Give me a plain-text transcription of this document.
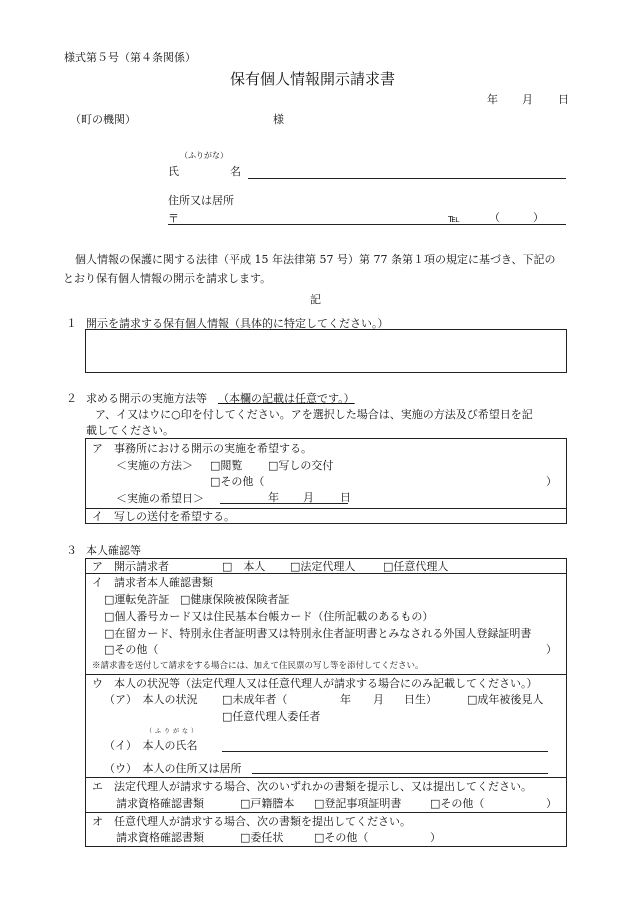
様式第５号（第４条関係）
保有個人情報開示請求書
年 月 日
（町の機関）	様
（ふりがな）
氏	名
住所又は居所
〒	℡	（　　　）
個人情報の保護に関する法律（平成 15 年法律第 57 号）第 77 条第１項の規定に基づき、下記の
とおり保有個人情報の開示を請求します。
記
１ 開示を請求する保有個人情報（具体的に特定してください。）
２ 求める開示の実施方法等 （本欄の記載は任意です。）
ア、イ又はウに○印を付してください。アを選択した場合は、実施の方法及び希望日を記
載してください。
ア　事務所における開示の実施を希望する。
＜実施の方法＞ □閲覧 □写しの交付
□その他（	）
＜実施の希望日＞	年 月 日
イ　写しの送付を希望する。
３ 本人確認等
ア　開示請求者	□　本人 □法定代理人	□任意代理人
イ　請求者本人確認書類
□運転免許証 □健康保険被保険者証
□個人番号カード又は住民基本台帳カード（住所記載のあるもの）
□在留カード、特別永住者証明書又は特別永住者証明書とみなされる外国人登録証明書
□その他（	）
※請求書を送付して請求をする場合には、加えて住民票の写し等を添付してください。
ウ　本人の状況等（法定代理人又は任意代理人が請求する場合にのみ記載してください。）
（ア）　本人の状況 □未成年者（	年 月 日生）	□成年被後見人
□任意代理人委任者
（ふりがな）
（イ）　本人の氏名
（ウ）　本人の住所又は居所
エ　法定代理人が請求する場合、次のいずれかの書類を提示し、又は提出してください。
請求資格確認書類	□戸籍謄本 □登記事項証明書	□その他（	）
オ　任意代理人が請求する場合、次の書類を提出してください。
請求資格確認書類	□委任状	□その他（	）
